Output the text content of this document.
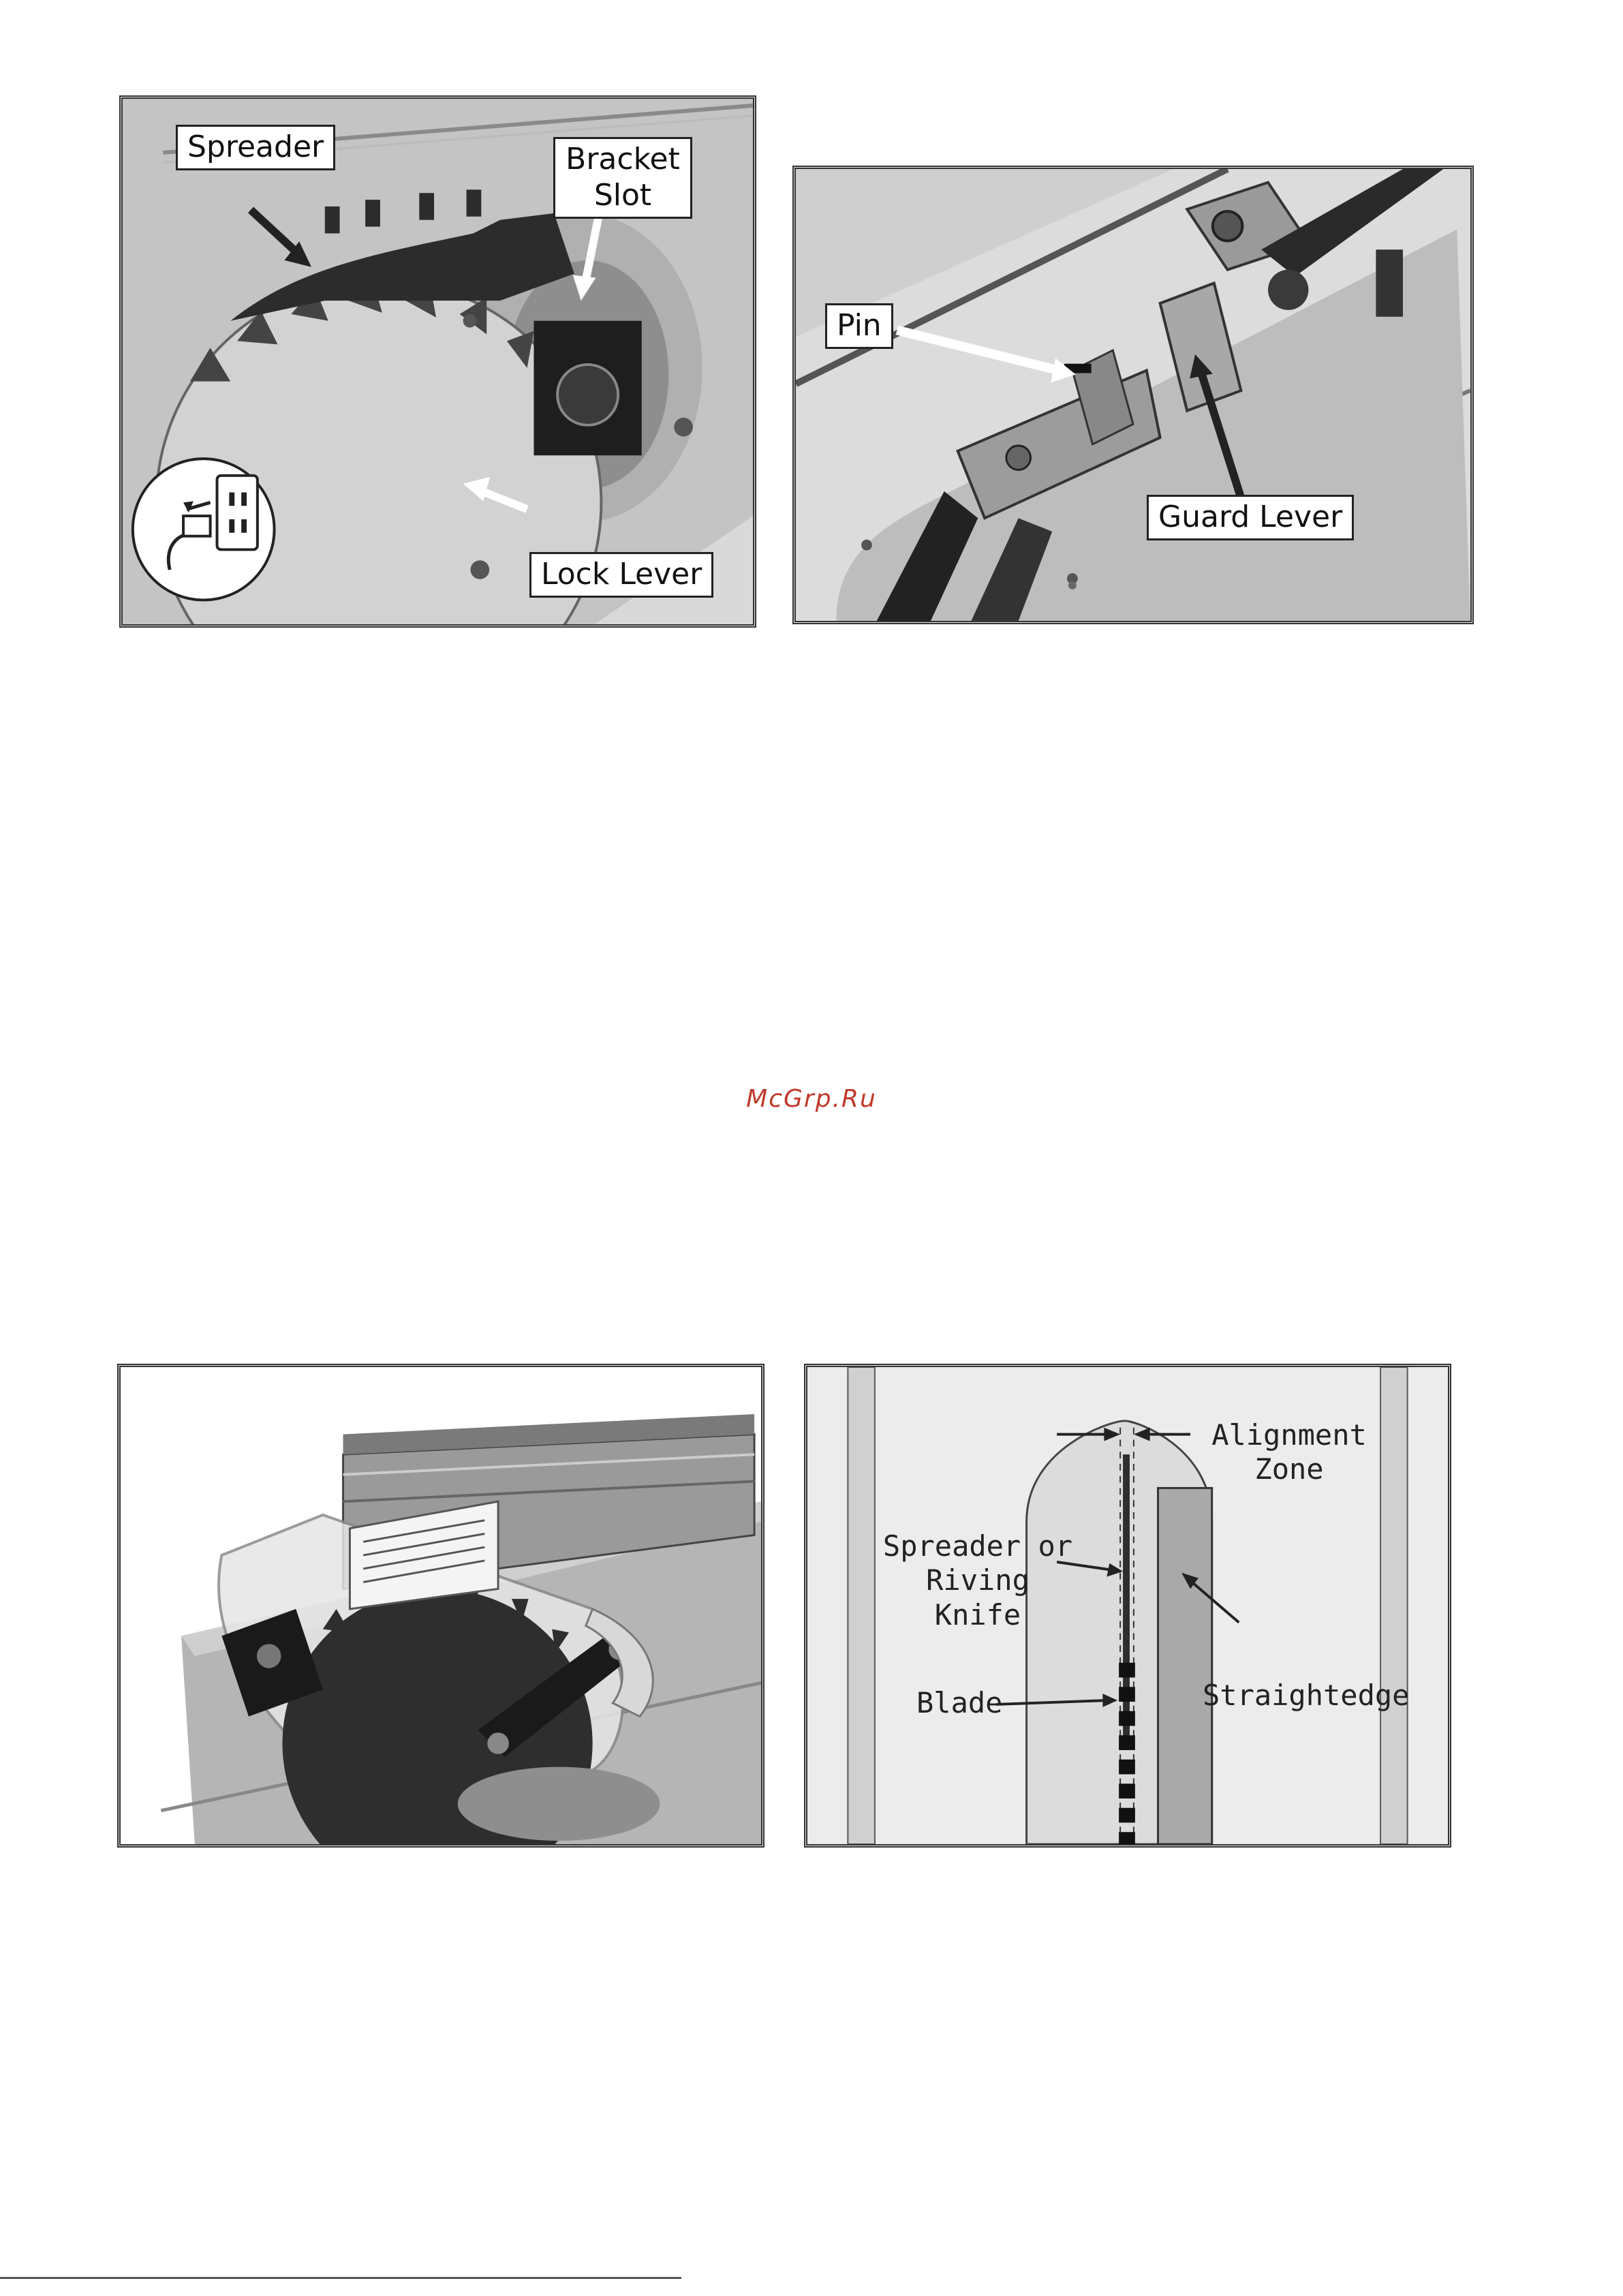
Spreader	Bracket Slot
Lock Lever
Pin
Guard Lever
McGrp.Ru
Alignment Zone
Spreader or Riving Knife
Blade	Straightedge
